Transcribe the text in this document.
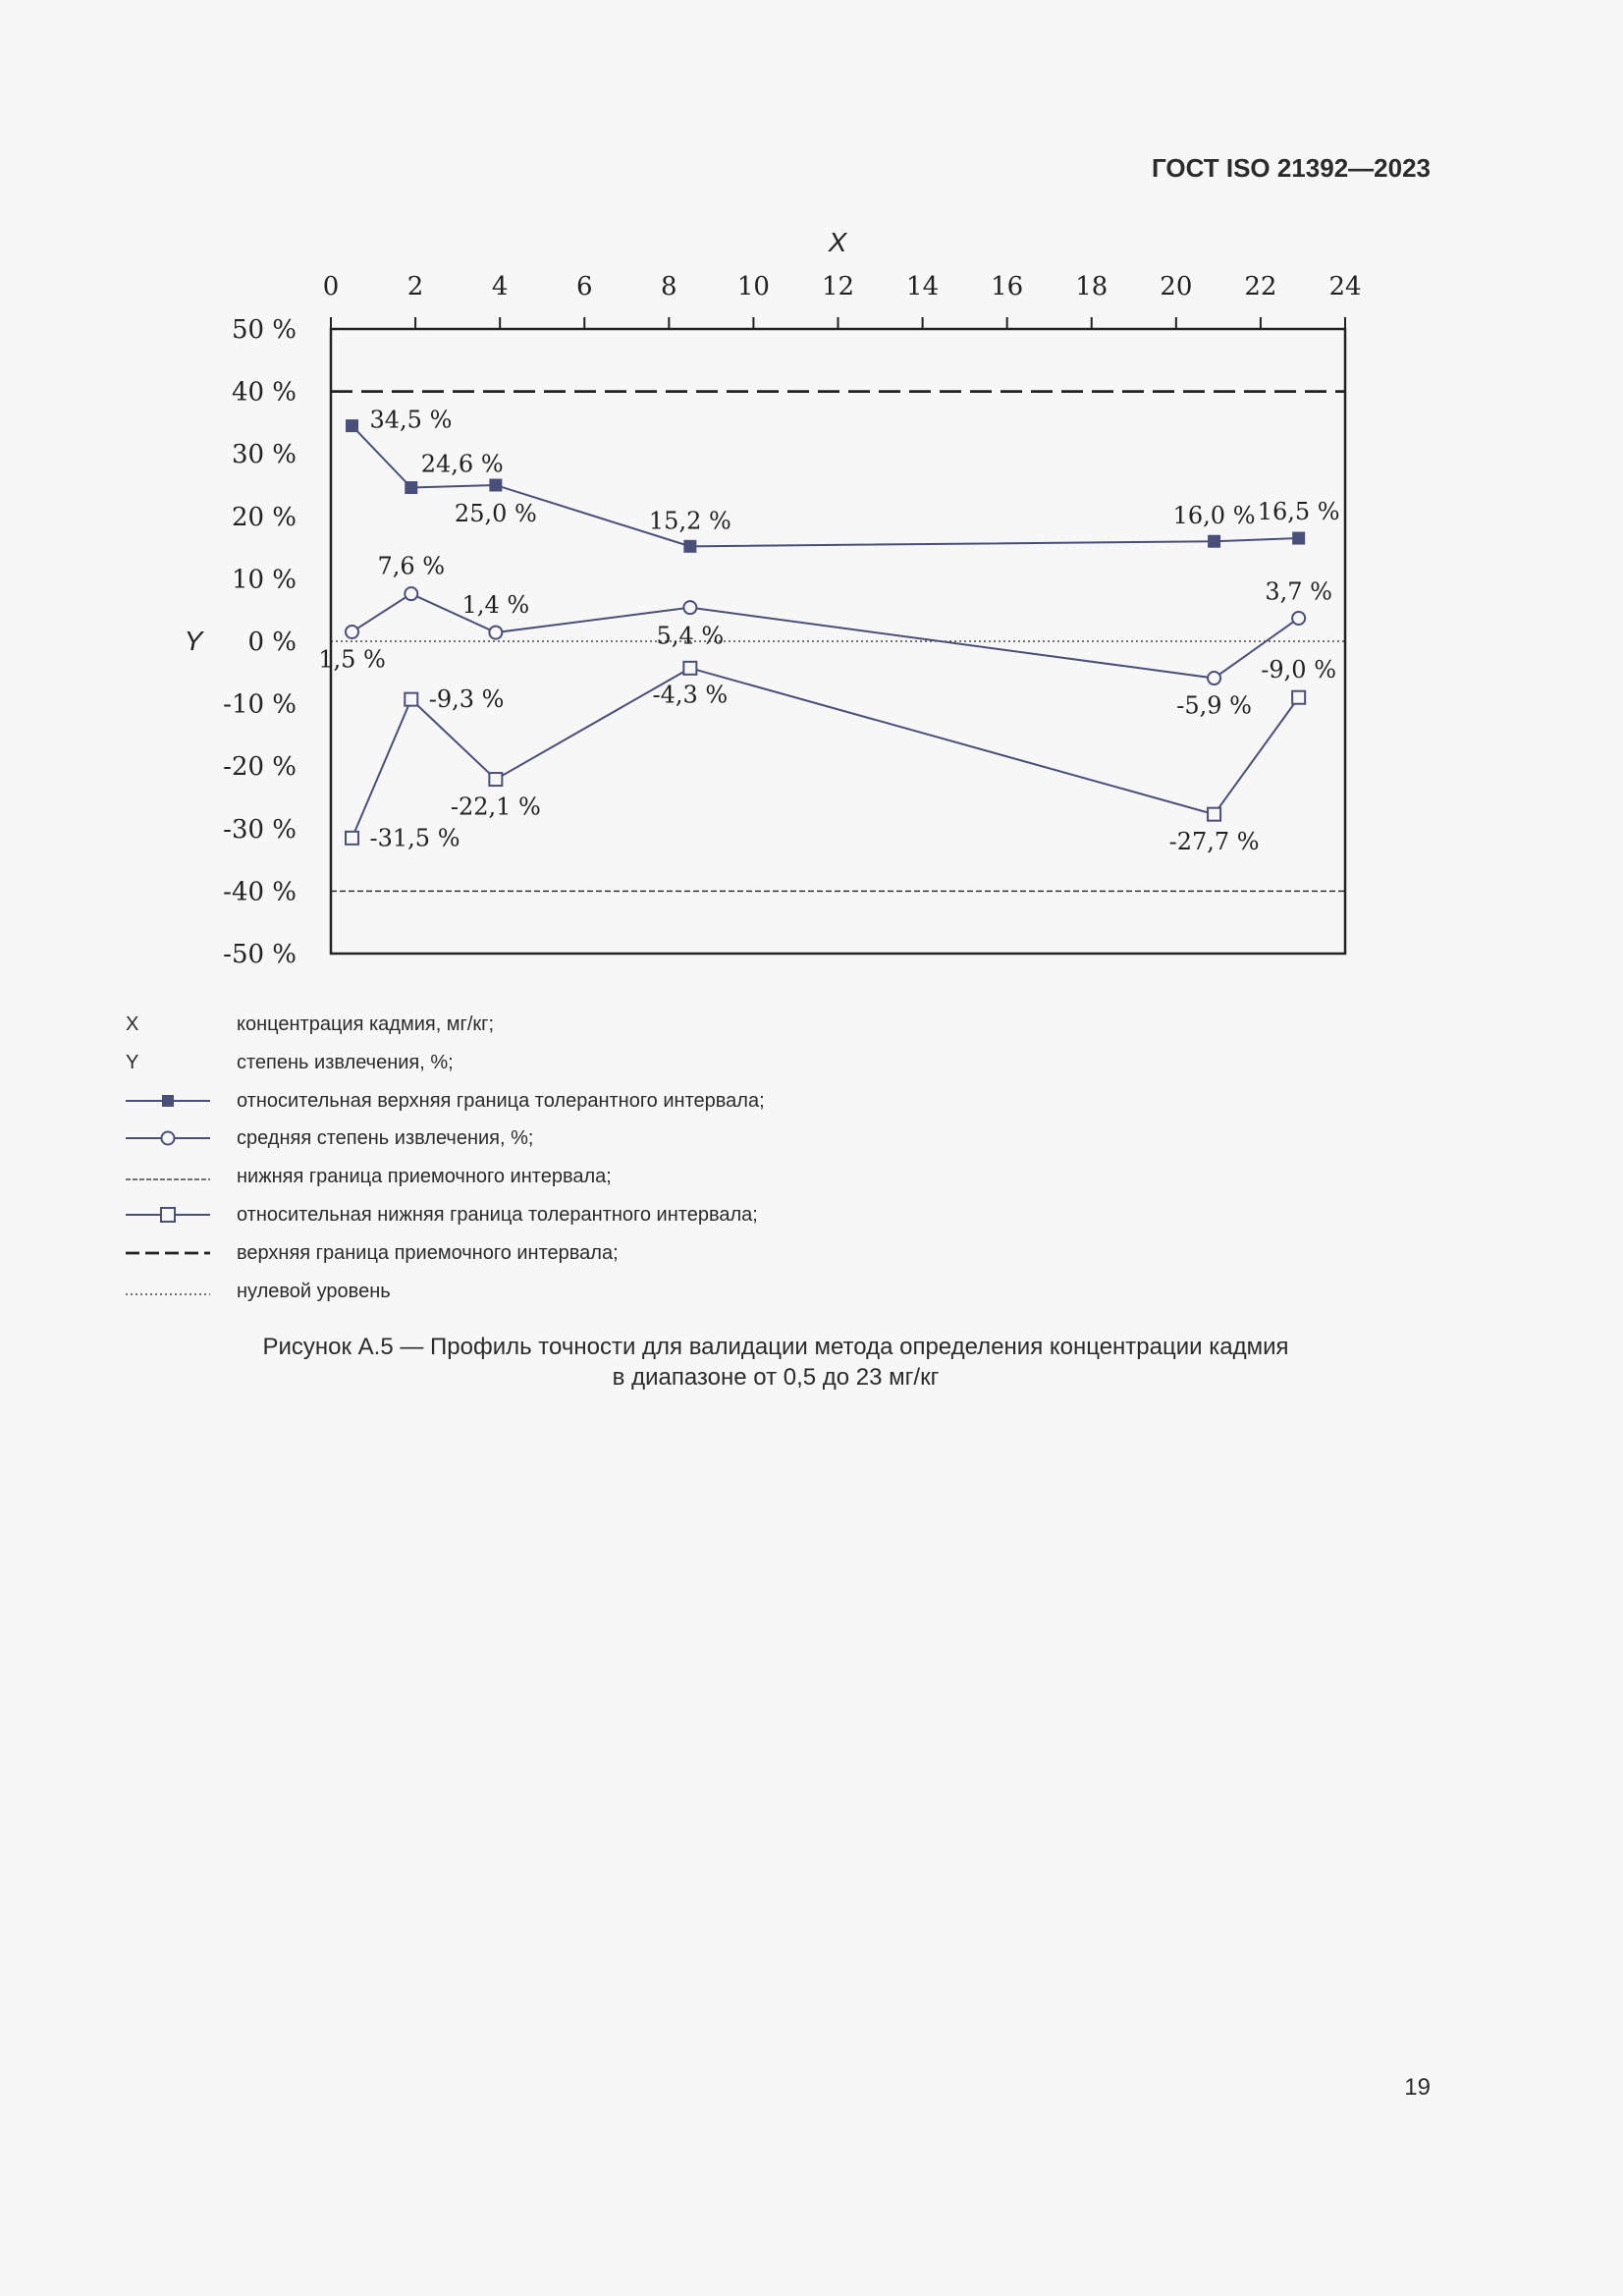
ГОСТ ISO 21392—2023
0	2	4	6	8 10 12 14 16 18 20 22 24
50 %
40 %
30 %
20 %
10 %
0 %
-10 %
-20 %
-30 %
-40 %
-50 %
X
Y
34,5 %
24,6 %
25,0 %	15,2 %	16,0 % 16,5 %
1,5 %
7,6 %
1,4 %
5,4 %
-5,9 %
3,7 %
-31,5 %
-9,3 %
-22,1 %
-4,3 %
-27,7 %
-9,0 %
X	концентрация кадмия, мг/кг;
Y	степень извлечения, %;
относительная верхняя граница толерантного интервала;
средняя степень извлечения, %;
нижняя граница приемочного интервала;
относительная нижняя граница толерантного интервала;
верхняя граница приемочного интервала;
нулевой уровень
Рисунок А.5 — Профиль точности для валидации метода определения концентрации кадмия
в диапазоне от 0,5 до 23 мг/кг
19
